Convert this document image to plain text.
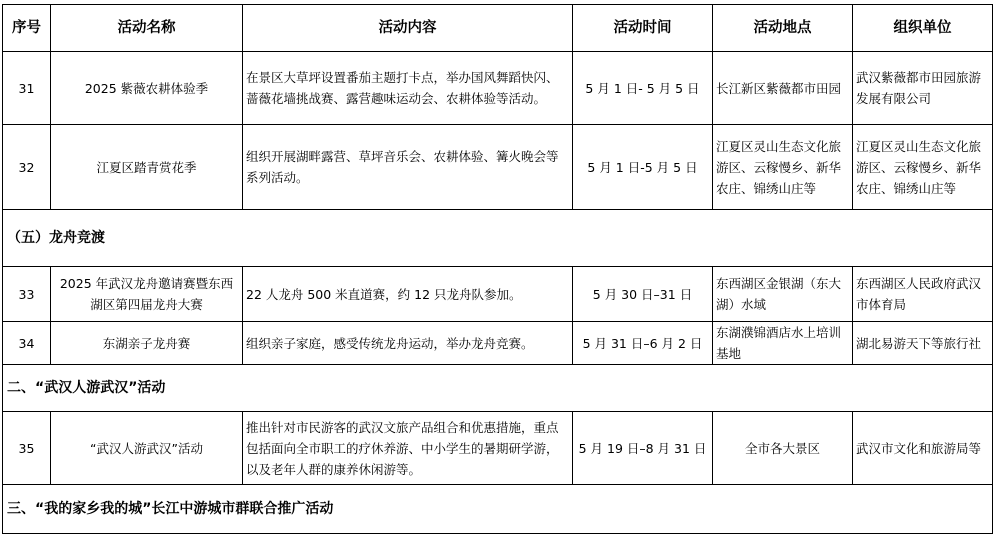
序号	活动名称	活动内容	活动时间	活动地点	组织单位
31	2025 紫薇农耕体验季	在景区大草坪设置番茄主题打卡点，举办国风舞蹈快闪、蔷薇花墙挑战赛、露营趣味运动会、农耕体验等活动。	5 月 1 日- 5 月 5 日	长江新区紫薇都市田园	武汉紫薇都市田园旅游发展有限公司
32	江夏区踏青赏花季	组织开展湖畔露营、草坪音乐会、农耕体验、篝火晚会等系列活动。	5 月 1 日-5 月 5 日	江夏区灵山生态文化旅游区、云稼慢乡、新华农庄、锦绣山庄等	江夏区灵山生态文化旅游区、云稼慢乡、新华农庄、锦绣山庄等
（五）龙舟竞渡					
33	2025 年武汉龙舟邀请赛暨东西湖区第四届龙舟大赛	22 人龙舟 500 米直道赛，约 12 只龙舟队参加。	5 月 30 日–31 日	东西湖区金银湖（东大湖）水域	东西湖区人民政府武汉市体育局
34	东湖亲子龙舟赛	组织亲子家庭，感受传统龙舟运动，举办龙舟竞赛。	5 月 31 日–6 月 2 日	东湖濮锦酒店水上培训基地	湖北易游天下等旅行社
二、“武汉人游武汉”活动					
35	“武汉人游武汉”活动	推出针对市民游客的武汉文旅产品组合和优惠措施，重点包括面向全市职工的疗休养游、中小学生的暑期研学游，以及老年人群的康养休闲游等。	5 月 19 日–8 月 31 日	全市各大景区	武汉市文化和旅游局等
三、“我的家乡我的城”长江中游城市群联合推广活动					
